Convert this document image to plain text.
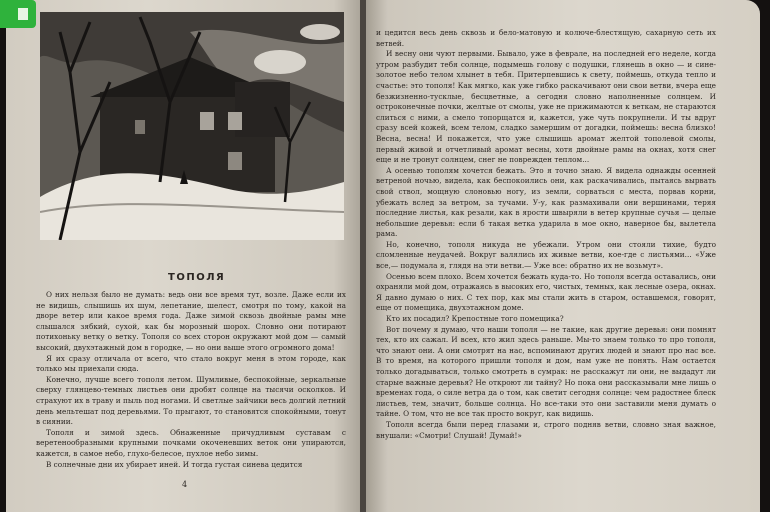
ТОПОЛЯ

О них нельзя было не думать: ведь они все время тут, возле. Даже если их не видишь, слышишь их шум, лепетание, шелест, смотря по тому, какой на дворе ветер или какое время года. Даже зимой сквозь двойные рамы мне слышался зябкий, сухой, как бы морозный шорох. Словно они потирают потихоньку ветку о ветку. Тополя со всех сторон окружают мой дом — самый высокий, двухэтажный дом в городке, — но они выше этого огромного дома!

Я их сразу отличала от всего, что стало вокруг меня в этом городе, как только мы приехали сюда.

Конечно, лучше всего тополя летом. Шумливые, беспокойные, зеркальные сверху глянцево-темных листьев они дробят солнце на тысячи осколков. И страхуют их в траву и пыль под ногами. И светлые зайчики весь долгий летний день мельтешат под деревьями. То прыгают, то становятся спокойными, тонут в сиянии.

Тополя и зимой здесь. Обнаженные причудливым суставам с веретенообразными крупными почками окоченевших веток они упираются, кажется, в самое небо, глухо-белесое, пухлое небо зимы.

В солнечные дни их убирает иней. И тогда густая синева цедится

4

и цедится весь день сквозь и бело-матовую и колюче-блестящую, сахарную сеть их ветвей.

И весну они чуют первыми. Бывало, уже в феврале, на последней его неделе, когда утром разбудит тебя солнце, подымешь голову с подушки, глянешь в окно — и сине-золотое небо телом хлынет в тебя. Притерпевшись к свету, поймешь, откуда тепло и счастье: это тополя! Как мягко, как уже гибко раскачивают они свои ветви, вчера еще безжизненно-тусклые, бесцветные, а сегодня словно наполненные солнцем. И остроконечные почки, желтые от смолы, уже не прижимаются к веткам, не стараются слиться с ними, а смело топорщатся и, кажется, уже чуть покрупнели. И ты вдруг сразу всей кожей, всем телом, сладко замершим от догадки, поймешь: весна близко! Весна, весна! И покажется, что уже слышишь аромат желтой тополевой смолы, первый живой и отчетливый аромат весны, хотя двойные рамы на окнах, хотя снег еще и не тронут солнцем, снег не поврежден теплом...

А осенью тополям хочется бежать. Это я точно знаю. Я видела однажды осенней ветреной ночью, видела, как беспокоились они, как раскачивались, пытаясь вырвать свой ствол, мощную слоновью ногу, из земли, сорваться с места, порвав корни, убежать вслед за ветром, за тучами. У-у, как размахивали они вершинами, теряя последние листья, как резали, как в ярости швыряли в ветер крупные сучья — целые небольшие деревья: если б такая ветка ударила в мое окно, наверное бы, вылетела рама.

Но, конечно, тополя никуда не убежали. Утром они стояли тихие, будто сломленные неудачей. Вокруг валялись их живые ветви, кое-где с листьями... «Уже все,— подумала я, глядя на эти ветви.— Уже все: обратно их не возьмут».

Осенью всем плохо. Всем хочется бежать куда-то. Но тополя всегда оставались, они охраняли мой дом, отражаясь в высоких его, чистых, темных, как лесные озера, окнах. Я давно думаю о них. С тех пор, как мы стали жить в старом, оставшемся, говорят, еще от помещика, двухэтажном доме.

Кто их посадил? Крепостные того помещика?

Вот почему я думаю, что наши тополя — не такие, как другие деревья: они помнят тех, кто их сажал. И всех, кто жил здесь раньше. Мы-то знаем только то про тополя, что знают они. А они смотрят на нас, вспоминают других людей и знают про нас все. В то время, на которого пришли тополя и дом, нам уже не понять. Нам остается только догадываться, только смотреть в сумрак: не расскажут ли они, не выдадут ли старые важные деревья? Не откроют ли тайну? Но пока они рассказывали мне лишь о временах года, о силе ветра да о том, как светит сегодня солнце: чем радостнее блеск листьев, тем, значит, больше солнца. Но все-таки это они заставили меня думать о тайне. О том, что не все так просто вокруг, как видишь.

Тополя всегда были перед глазами и, строго подняв ветви, словно зная важное, внушали: «Смотри! Слушай! Думай!»
